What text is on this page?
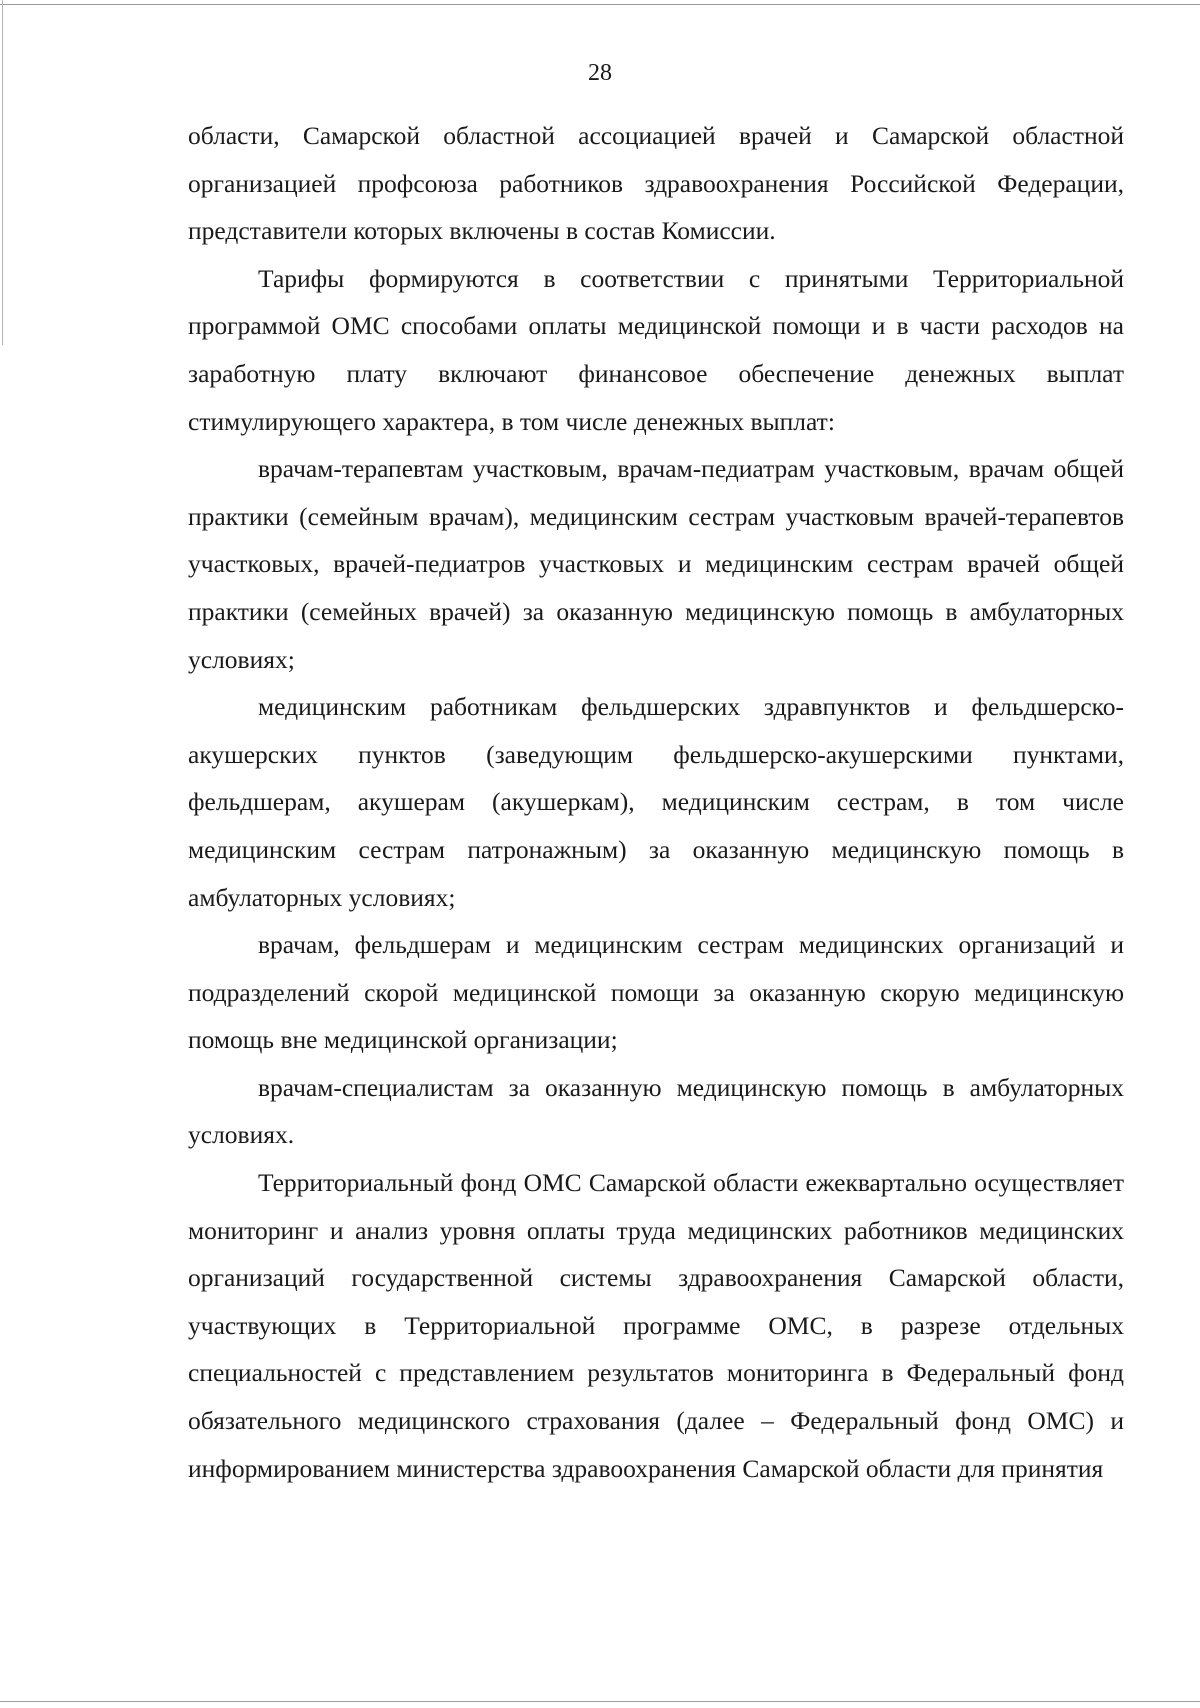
28

области, Самарской областной ассоциацией врачей и Самарской областной организацией профсоюза работников здравоохранения Российской Федерации, представители которых включены в состав Комиссии.

Тарифы формируются в соответствии с принятыми Территориальной программой ОМС способами оплаты медицинской помощи и в части расходов на заработную плату включают финансовое обеспечение денежных выплат стимулирующего характера, в том числе денежных выплат:

врачам-терапевтам участковым, врачам-педиатрам участковым, врачам общей практики (семейным врачам), медицинским сестрам участковым врачей-терапевтов участковых, врачей-педиатров участковых и медицинским сестрам врачей общей практики (семейных врачей) за оказанную медицинскую помощь в амбулаторных условиях;

медицинским работникам фельдшерских здравпунктов и фельдшерско-акушерских пунктов (заведующим фельдшерско-акушерскими пунктами, фельдшерам, акушерам (акушеркам), медицинским сестрам, в том числе медицинским сестрам патронажным) за оказанную медицинскую помощь в амбулаторных условиях;

врачам, фельдшерам и медицинским сестрам медицинских организаций и подразделений скорой медицинской помощи за оказанную скорую медицинскую помощь вне медицинской организации;

врачам-специалистам за оказанную медицинскую помощь в амбулаторных условиях.

Территориальный фонд ОМС Самарской области ежеквартально осуществляет мониторинг и анализ уровня оплаты труда медицинских работников медицинских организаций государственной системы здравоохранения Самарской области, участвующих в Территориальной программе ОМС, в разрезе отдельных специальностей с представлением результатов мониторинга в Федеральный фонд обязательного медицинского страхования (далее – Федеральный фонд ОМС) и информированием министерства здравоохранения Самарской области для принятия
